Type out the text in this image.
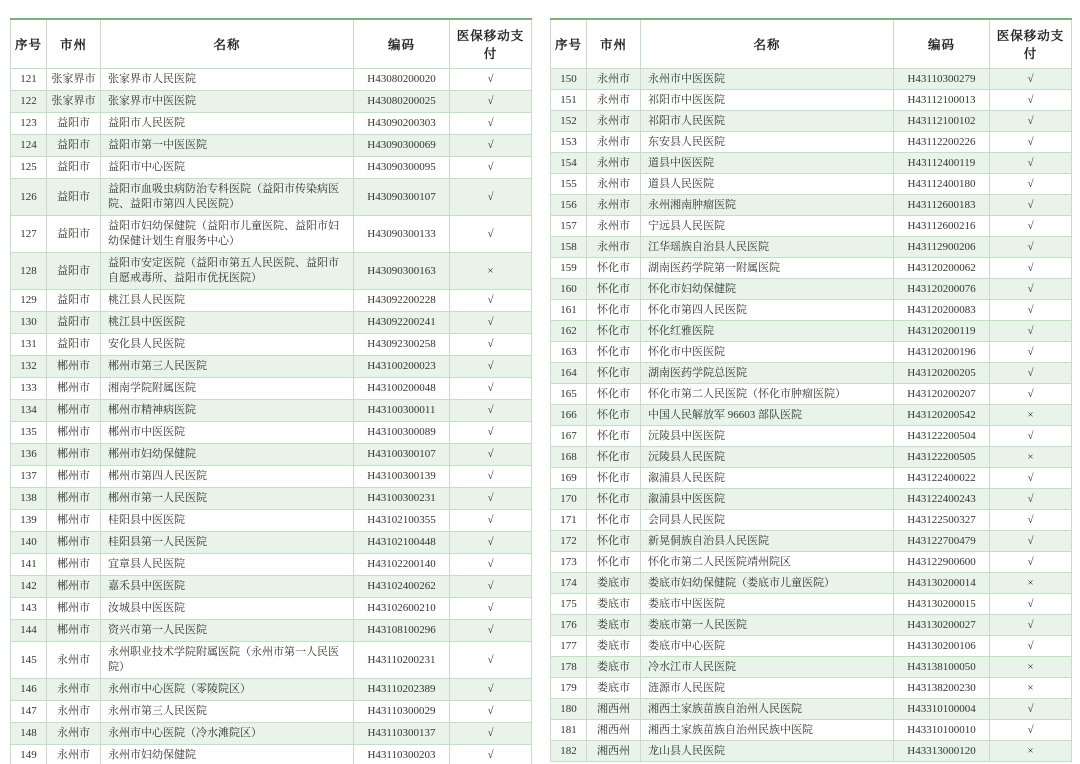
序号	市州	名称	编码	医保移动支付
121	张家界市	张家界市人民医院	H43080200020	√
122	张家界市	张家界市中医医院	H43080200025	√
123	益阳市	益阳市人民医院	H43090200303	√
124	益阳市	益阳市第一中医医院	H43090300069	√
125	益阳市	益阳市中心医院	H43090300095	√
126	益阳市	益阳市血吸虫病防治专科医院（益阳市传染病医院、益阳市第四人民医院）	H43090300107	√
127	益阳市	益阳市妇幼保健院（益阳市儿童医院、益阳市妇幼保健计划生育服务中心）	H43090300133	√
128	益阳市	益阳市安定医院（益阳市第五人民医院、益阳市自愿戒毒所、益阳市优抚医院）	H43090300163	×
129	益阳市	桃江县人民医院	H43092200228	√
130	益阳市	桃江县中医医院	H43092200241	√
131	益阳市	安化县人民医院	H43092300258	√
132	郴州市	郴州市第三人民医院	H43100200023	√
133	郴州市	湘南学院附属医院	H43100200048	√
134	郴州市	郴州市精神病医院	H43100300011	√
135	郴州市	郴州市中医医院	H43100300089	√
136	郴州市	郴州市妇幼保健院	H43100300107	√
137	郴州市	郴州市第四人民医院	H43100300139	√
138	郴州市	郴州市第一人民医院	H43100300231	√
139	郴州市	桂阳县中医医院	H43102100355	√
140	郴州市	桂阳县第一人民医院	H43102100448	√
141	郴州市	宜章县人民医院	H43102200140	√
142	郴州市	嘉禾县中医医院	H43102400262	√
143	郴州市	汝城县中医医院	H43102600210	√
144	郴州市	资兴市第一人民医院	H43108100296	√
145	永州市	永州职业技术学院附属医院（永州市第一人民医院）	H43110200231	√
146	永州市	永州市中心医院（零陵院区）	H43110202389	√
147	永州市	永州市第三人民医院	H43110300029	√
148	永州市	永州市中心医院（冷水滩院区）	H43110300137	√
149	永州市	永州市妇幼保健院	H43110300203	√
序号	市州	名称	编码	医保移动支付
150	永州市	永州市中医医院	H43110300279	√
151	永州市	祁阳市中医医院	H43112100013	√
152	永州市	祁阳市人民医院	H43112100102	√
153	永州市	东安县人民医院	H43112200226	√
154	永州市	道县中医医院	H43112400119	√
155	永州市	道县人民医院	H43112400180	√
156	永州市	永州湘南肿瘤医院	H43112600183	√
157	永州市	宁远县人民医院	H43112600216	√
158	永州市	江华瑶族自治县人民医院	H43112900206	√
159	怀化市	湖南医药学院第一附属医院	H43120200062	√
160	怀化市	怀化市妇幼保健院	H43120200076	√
161	怀化市	怀化市第四人民医院	H43120200083	√
162	怀化市	怀化红雅医院	H43120200119	√
163	怀化市	怀化市中医医院	H43120200196	√
164	怀化市	湖南医药学院总医院	H43120200205	√
165	怀化市	怀化市第二人民医院（怀化市肿瘤医院）	H43120200207	√
166	怀化市	中国人民解放军 96603 部队医院	H43120200542	×
167	怀化市	沅陵县中医医院	H43122200504	√
168	怀化市	沅陵县人民医院	H43122200505	×
169	怀化市	溆浦县人民医院	H43122400022	√
170	怀化市	溆浦县中医医院	H43122400243	√
171	怀化市	会同县人民医院	H43122500327	√
172	怀化市	新晃侗族自治县人民医院	H43122700479	√
173	怀化市	怀化市第二人民医院靖州院区	H43122900600	√
174	娄底市	娄底市妇幼保健院（娄底市儿童医院）	H43130200014	×
175	娄底市	娄底市中医医院	H43130200015	√
176	娄底市	娄底市第一人民医院	H43130200027	√
177	娄底市	娄底市中心医院	H43130200106	√
178	娄底市	冷水江市人民医院	H43138100050	×
179	娄底市	涟源市人民医院	H43138200230	×
180	湘西州	湘西土家族苗族自治州人民医院	H43310100004	√
181	湘西州	湘西土家族苗族自治州民族中医院	H43310100010	√
182	湘西州	龙山县人民医院	H43313000120	×
